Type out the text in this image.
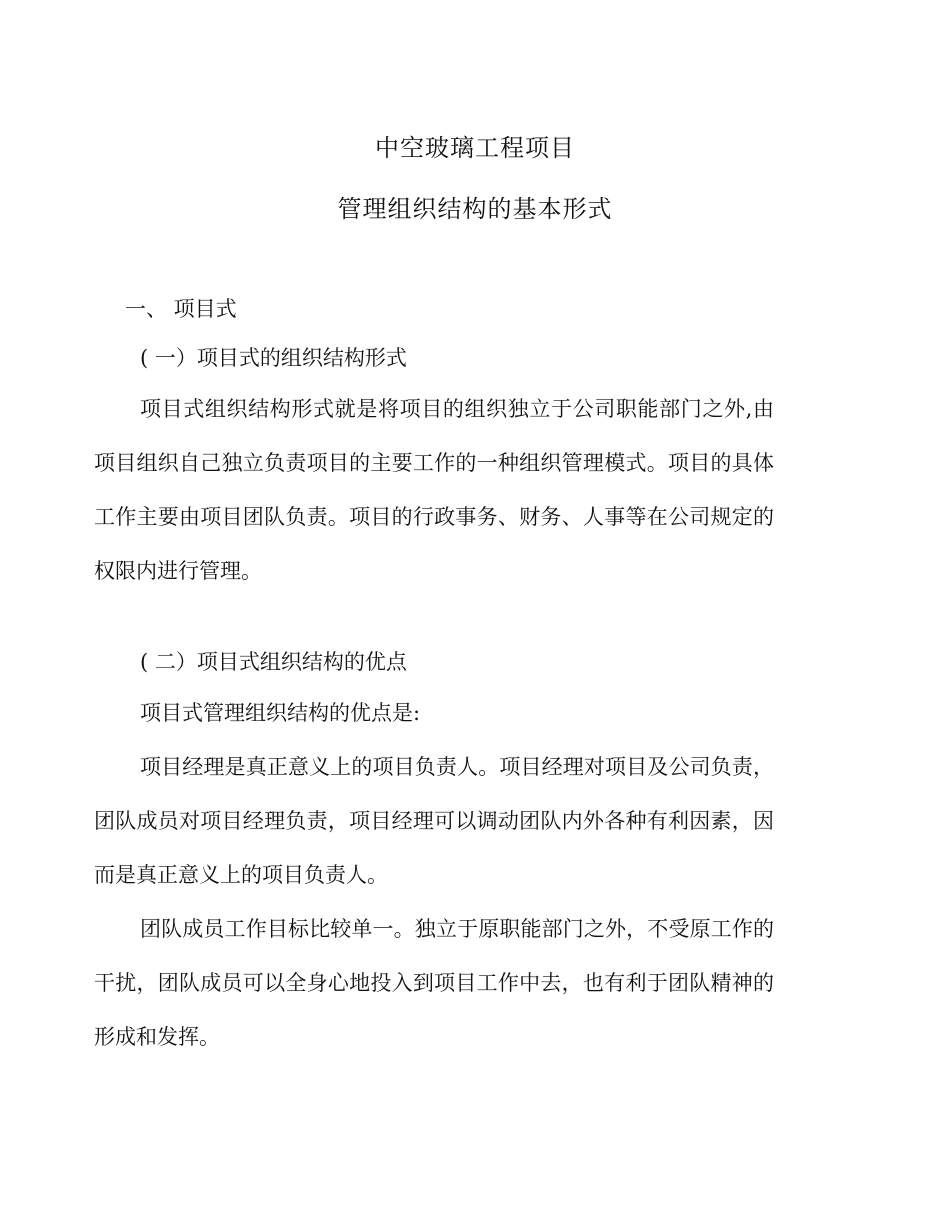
中空玻璃工程项目
管理组织结构的基本形式
一、 项目式
( 一）项目式的组织结构形式

项目式组织结构形式就是将项目的组织独立于公司职能部门之外,由项目组织自己独立负责项目的主要工作的一种组织管理模式。项目的具体工作主要由项目团队负责。项目的行政事务、财务、人事等在公司规定的权限内进行管理。

( 二）项目式组织结构的优点

项目式管理组织结构的优点是:

项目经理是真正意义上的项目负责人。项目经理对项目及公司负责，团队成员对项目经理负责，项目经理可以调动团队内外各种有利因素，因而是真正意义上的项目负责人。

团队成员工作目标比较单一。独立于原职能部门之外，不受原工作的干扰，团队成员可以全身心地投入到项目工作中去，也有利于团队精神的形成和发挥。
